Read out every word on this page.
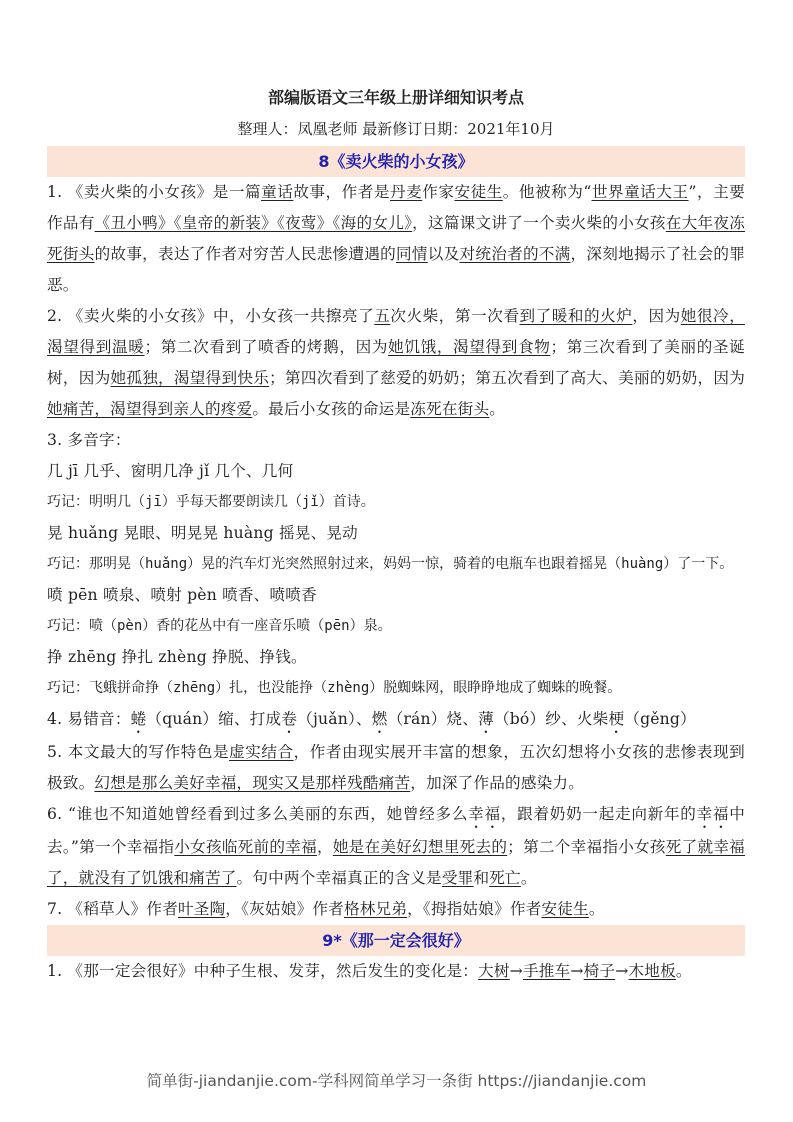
部编版语文三年级上册详细知识考点
整理人：凤凰老师 最新修订日期：2021年10月
8《卖火柴的小女孩》
1. 《卖火柴的小女孩》是一篇童话故事，作者是丹麦作家安徒生。他被称为“世界童话大王”，主要作品有《丑小鸭》《皇帝的新装》《夜莺》《海的女儿》，这篇课文讲了一个卖火柴的小女孩在大年夜冻死街头的故事，表达了作者对穷苦人民悲惨遭遇的同情以及对统治者的不满，深刻地揭示了社会的罪恶。
2. 《卖火柴的小女孩》中，小女孩一共擦亮了五次火柴，第一次看到了暖和的火炉，因为她很冷，渴望得到温暖；第二次看到了喷香的烤鹅，因为她饥饿，渴望得到食物；第三次看到了美丽的圣诞树，因为她孤独，渴望得到快乐；第四次看到了慈爱的奶奶；第五次看到了高大、美丽的奶奶，因为她痛苦，渴望得到亲人的疼爱。最后小女孩的命运是冻死在街头。
3. 多音字：
几 jī 几乎、窗明几净 jǐ 几个、几何
巧记：明明几（jī）乎每天都要朗读几（jǐ）首诗。
晃 huǎng 晃眼、明晃晃 huàng 摇晃、晃动
巧记：那明晃（huǎng）晃的汽车灯光突然照射过来，妈妈一惊，骑着的电瓶车也跟着摇晃（huàng）了一下。
喷 pēn 喷泉、喷射 pèn 喷香、喷喷香
巧记：喷（pèn）香的花丛中有一座音乐喷（pēn）泉。
挣 zhēng 挣扎 zhèng 挣脱、挣钱。
巧记：飞蛾拼命挣（zhēng）扎，也没能挣（zhèng）脱蜘蛛网，眼睁睁地成了蜘蛛的晚餐。
4. 易错音：蜷（quán）缩、打成卷（juǎn）、燃（rán）烧、薄（bó）纱、火柴梗（gěng）
5. 本文最大的写作特色是虚实结合，作者由现实展开丰富的想象，五次幻想将小女孩的悲惨表现到极致。幻想是那么美好幸福，现实又是那样残酷痛苦，加深了作品的感染力。
6. “谁也不知道她曾经看到过多么美丽的东西，她曾经多么幸福，跟着奶奶一起走向新年的幸福中去。”第一个幸福指小女孩临死前的幸福，她是在美好幻想里死去的；第二个幸福指小女孩死了就幸福了，就没有了饥饿和痛苦了。句中两个幸福真正的含义是受罪和死亡。
7. 《稻草人》作者叶圣陶，《灰姑娘》作者格林兄弟，《拇指姑娘》作者安徒生。
9*《那一定会很好》
1. 《那一定会很好》中种子生根、发芽，然后发生的变化是：大树→手推车→椅子→木地板。
简单街-jiandanjie.com-学科网简单学习一条街 https://jiandanjie.com
